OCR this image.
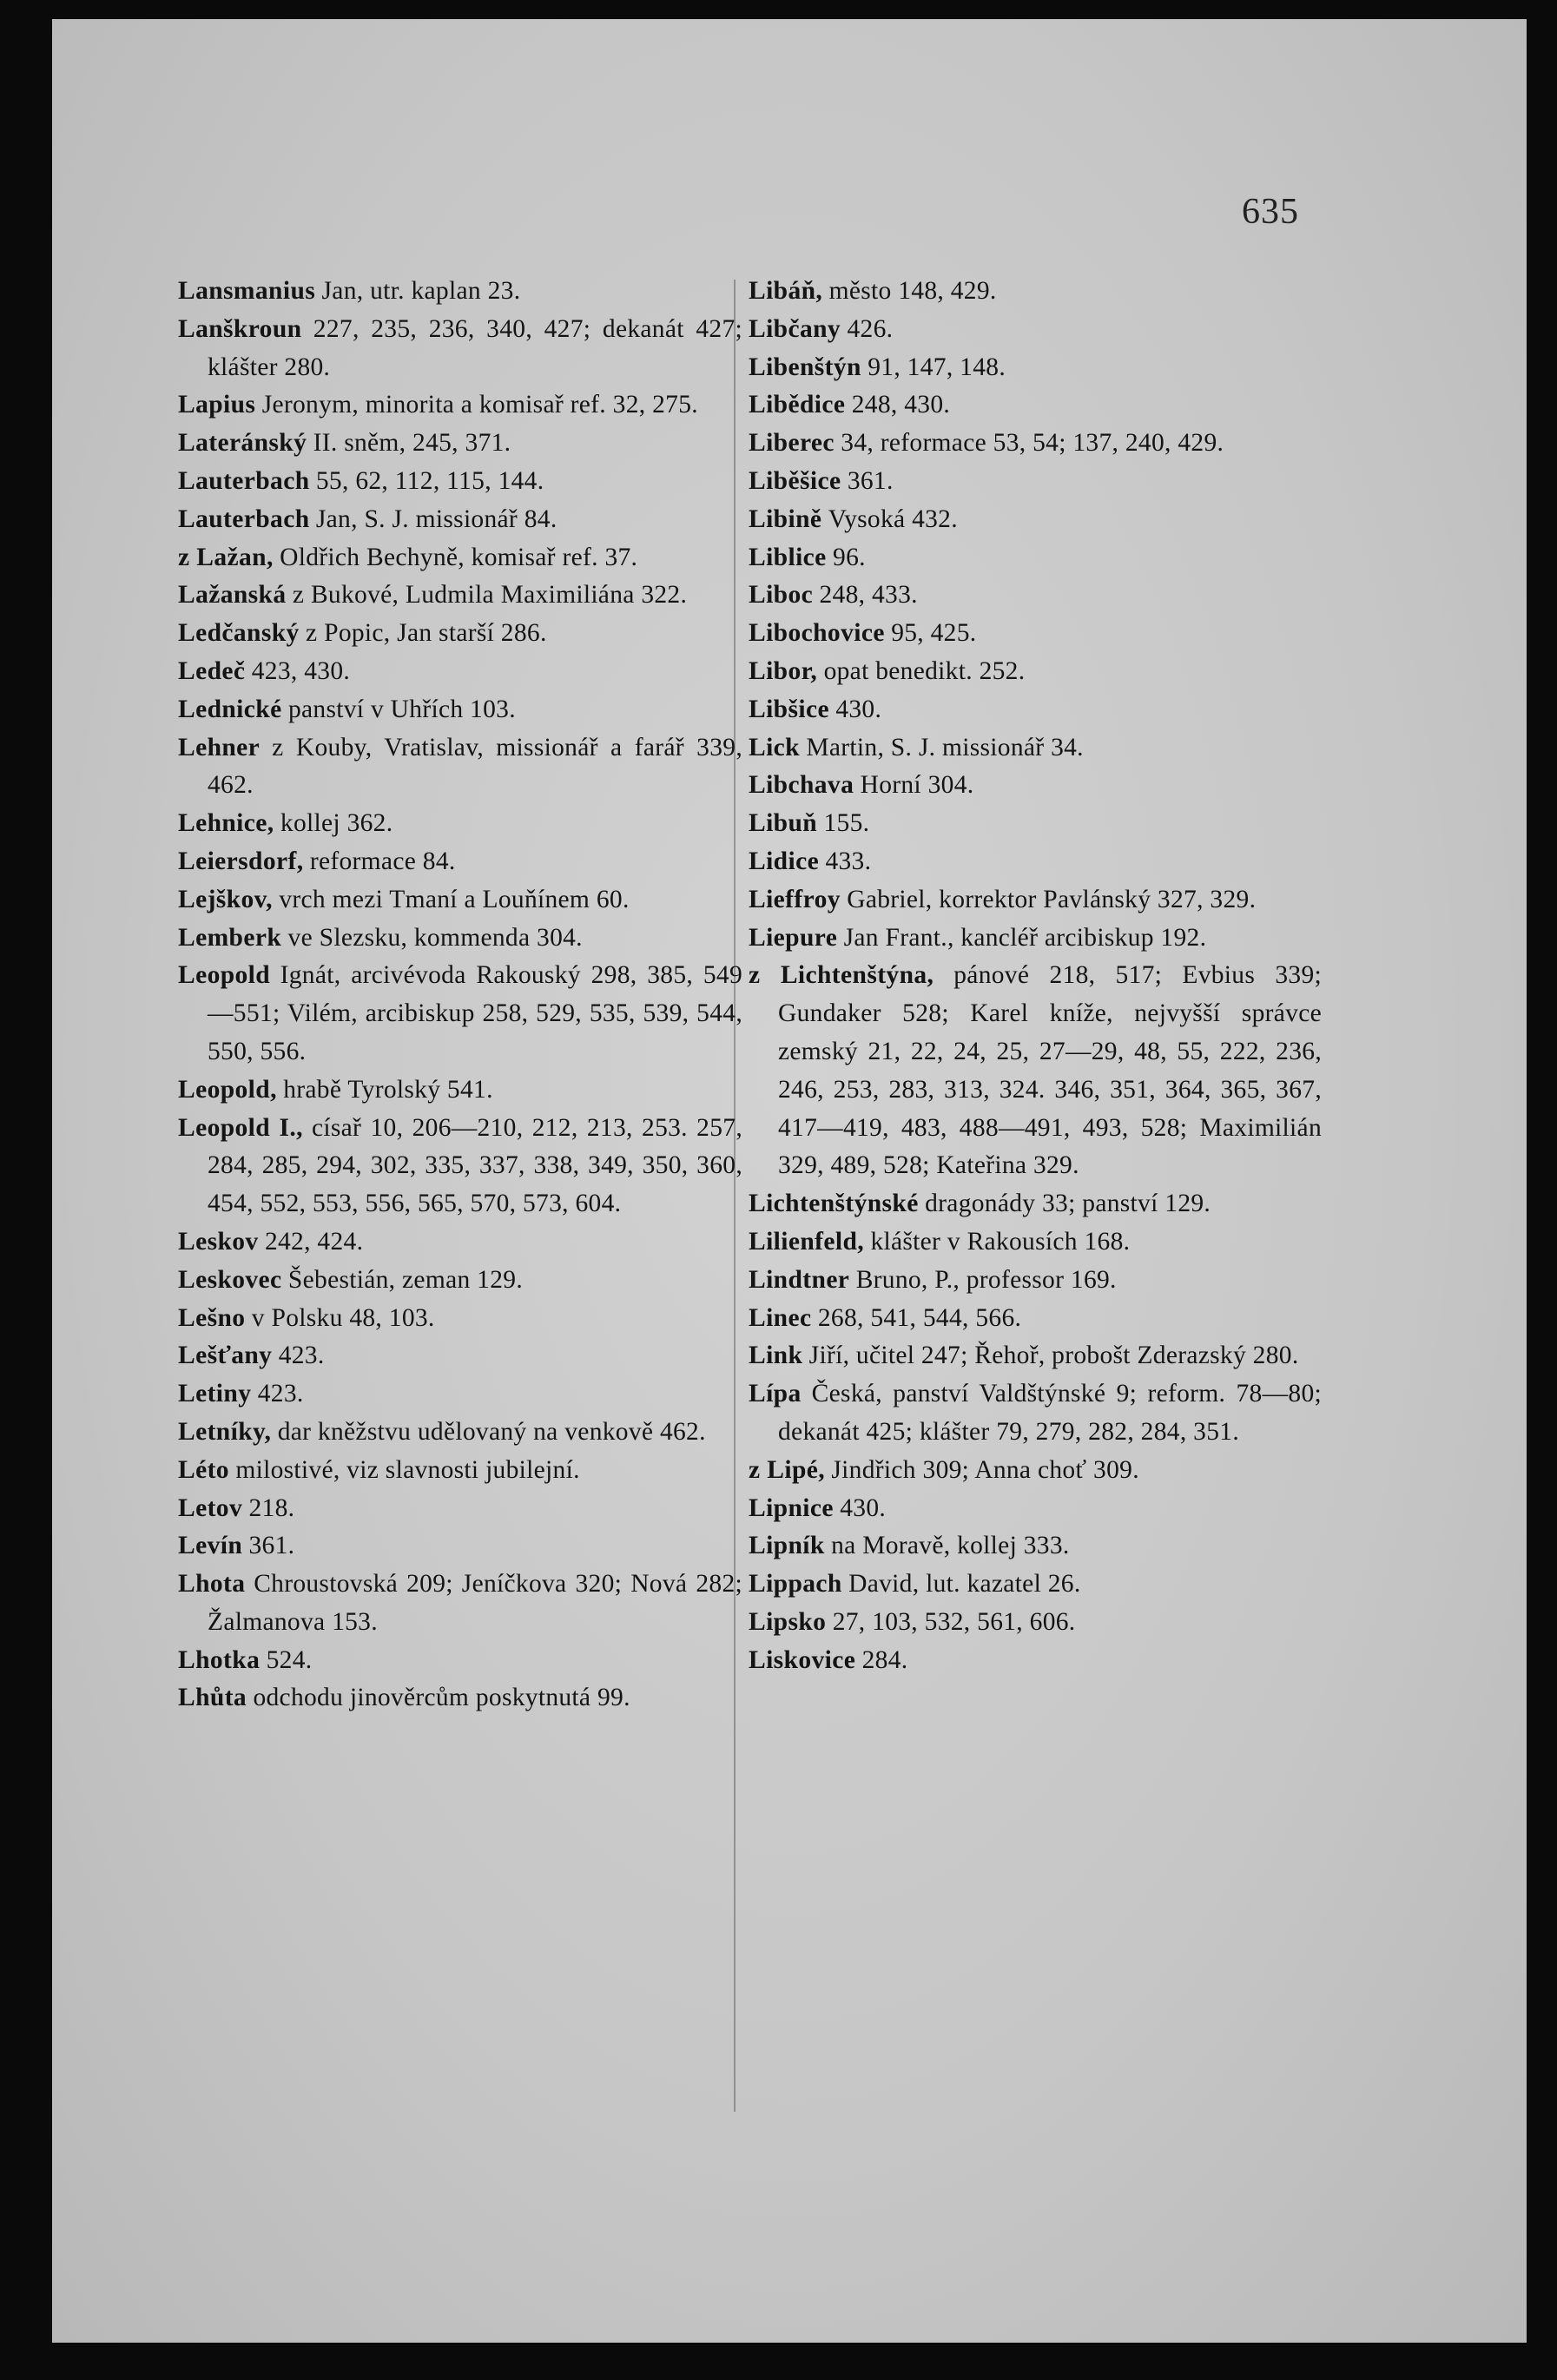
635
Lansmanius Jan, utr. kaplan 23.
Lanškroun 227, 235, 236, 340, 427; dekanát 427; klášter 280.
Lapius Jeronym, minorita a komisař ref. 32, 275.
Lateránský II. sněm, 245, 371.
Lauterbach 55, 62, 112, 115, 144.
Lauterbach Jan, S. J. missionář 84.
z Lažan, Oldřich Bechyně, komisař ref. 37.
Lažanská z Bukové, Ludmila Maximiliána 322.
Ledčanský z Popic, Jan starší 286.
Ledeč 423, 430.
Lednické panství v Uhřích 103.
Lehner z Kouby, Vratislav, missionář a farář 339, 462.
Lehnice, kollej 362.
Leiersdorf, reformace 84.
Lejškov, vrch mezi Tmaní a Louňínem 60.
Lemberk ve Slezsku, kommenda 304.
Leopold Ignát, arcivévoda Rakouský 298, 385, 549—551; Vilém, arcibiskup 258, 529, 535, 539, 544, 550, 556.
Leopold, hrabě Tyrolský 541.
Leopold I., císař 10, 206—210, 212, 213, 253. 257, 284, 285, 294, 302, 335, 337, 338, 349, 350, 360, 454, 552, 553, 556, 565, 570, 573, 604.
Leskov 242, 424.
Leskovec Šebestián, zeman 129.
Lešno v Polsku 48, 103.
Lešťany 423.
Letiny 423.
Letníky, dar kněžstvu udělovaný na venkově 462.
Léto milostivé, viz slavnosti jubilejní.
Letov 218.
Levín 361.
Lhota Chroustovská 209; Jeníčkova 320; Nová 282; Žalmanova 153.
Lhotka 524.
Lhůta odchodu jinověrcům poskytnutá 99.
Libáň, město 148, 429.
Libčany 426.
Libenštýn 91, 147, 148.
Libědice 248, 430.
Liberec 34, reformace 53, 54; 137, 240, 429.
Liběšice 361.
Libině Vysoká 432.
Liblice 96.
Liboc 248, 433.
Libochovice 95, 425.
Libor, opat benedikt. 252.
Libšice 430.
Lick Martin, S. J. missionář 34.
Libchava Horní 304.
Libuň 155.
Lidice 433.
Lieffroy Gabriel, korrektor Pavlánský 327, 329.
Liepure Jan Frant., kancléř arcibiskup 192.
z Lichtenštýna, pánové 218, 517; Evbius 339; Gundaker 528; Karel kníže, nejvyšší správce zemský 21, 22, 24, 25, 27—29, 48, 55, 222, 236, 246, 253, 283, 313, 324. 346, 351, 364, 365, 367, 417—419, 483, 488—491, 493, 528; Maximilián 329, 489, 528; Kateřina 329.
Lichtenštýnské dragonády 33; panství 129.
Lilienfeld, klášter v Rakousích 168.
Lindtner Bruno, P., professor 169.
Linec 268, 541, 544, 566.
Link Jiří, učitel 247; Řehoř, probošt Zderazský 280.
Lípa Česká, panství Valdštýnské 9; reform. 78—80; dekanát 425; klášter 79, 279, 282, 284, 351.
z Lipé, Jindřich 309; Anna choť 309.
Lipnice 430.
Lipník na Moravě, kollej 333.
Lippach David, lut. kazatel 26.
Lipsko 27, 103, 532, 561, 606.
Liskovice 284.
